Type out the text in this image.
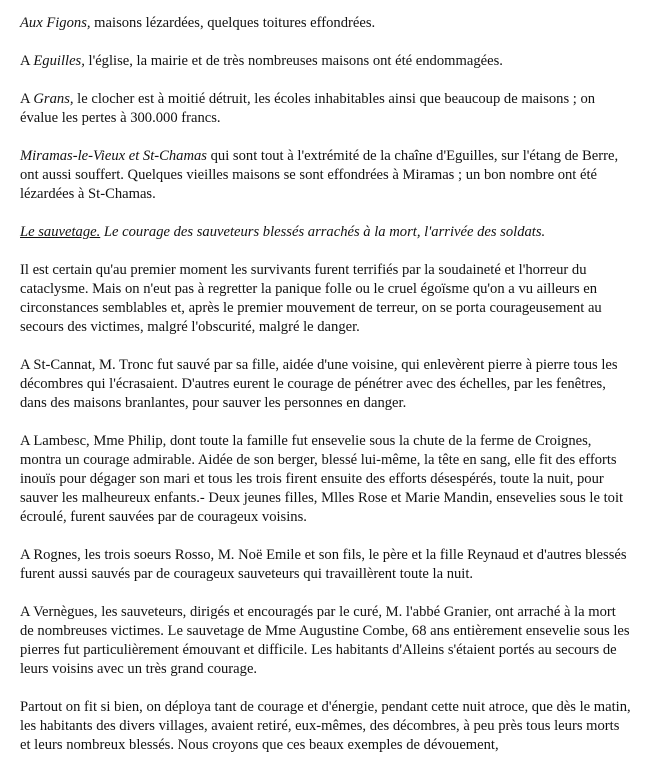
Aux Figons, maisons lézardées, quelques toitures effondrées.

A Eguilles, l'église, la mairie et de très nombreuses maisons ont été endommagées.

A Grans, le clocher est à moitié détruit, les écoles inhabitables ainsi que beaucoup de maisons ; on évalue les pertes à 300.000 francs.

Miramas-le-Vieux et St-Chamas qui sont tout à l'extrémité de la chaîne d'Eguilles, sur l'étang de Berre, ont aussi souffert. Quelques vieilles maisons se sont effondrées à Miramas ; un bon nombre ont été lézardées à St-Chamas.

Le sauvetage. Le courage des sauveteurs blessés arrachés à la mort, l'arrivée des soldats.

Il est certain qu'au premier moment les survivants furent terrifiés par la soudaineté et l'horreur du cataclysme. Mais on n'eut pas à regretter la panique folle ou le cruel égoïsme qu'on a vu ailleurs en circonstances semblables et, après le premier mouvement de terreur, on se porta courageusement au secours des victimes, malgré l'obscurité, malgré le danger.

A St-Cannat, M. Tronc fut sauvé par sa fille, aidée d'une voisine, qui enlevèrent pierre à pierre tous les décombres qui l'écrasaient. D'autres eurent le courage de pénétrer avec des échelles, par les fenêtres, dans des maisons branlantes, pour sauver les personnes en danger.

A Lambesc, Mme Philip, dont toute la famille fut ensevelie sous la chute de la ferme de Croignes, montra un courage admirable. Aidée de son berger, blessé lui-même, la tête en sang, elle fit des efforts inouïs pour dégager son mari et tous les trois firent ensuite des efforts désespérés, toute la nuit, pour sauver les malheureux enfants.- Deux jeunes filles, Mlles Rose et Marie Mandin, ensevelies sous le toit écroulé, furent sauvées par de courageux voisins.

A Rognes, les trois soeurs Rosso, M. Noë Emile et son fils, le père et la fille Reynaud et d'autres blessés furent aussi sauvés par de courageux sauveteurs qui travaillèrent toute la nuit.

A Vernègues, les sauveteurs, dirigés et encouragés par le curé, M. l'abbé Granier, ont arraché à la mort de nombreuses victimes. Le sauvetage de Mme Augustine Combe, 68 ans entièrement ensevelie sous les pierres fut particulièrement émouvant et difficile. Les habitants d'Alleins s'étaient portés au secours de leurs voisins avec un très grand courage.

Partout on fit si bien, on déploya tant de courage et d'énergie, pendant cette nuit atroce, que dès le matin, les habitants des divers villages, avaient retiré, eux-mêmes, des décombres, à peu près tous leurs morts et leurs nombreux blessés. Nous croyons que ces beaux exemples de dévouement,
